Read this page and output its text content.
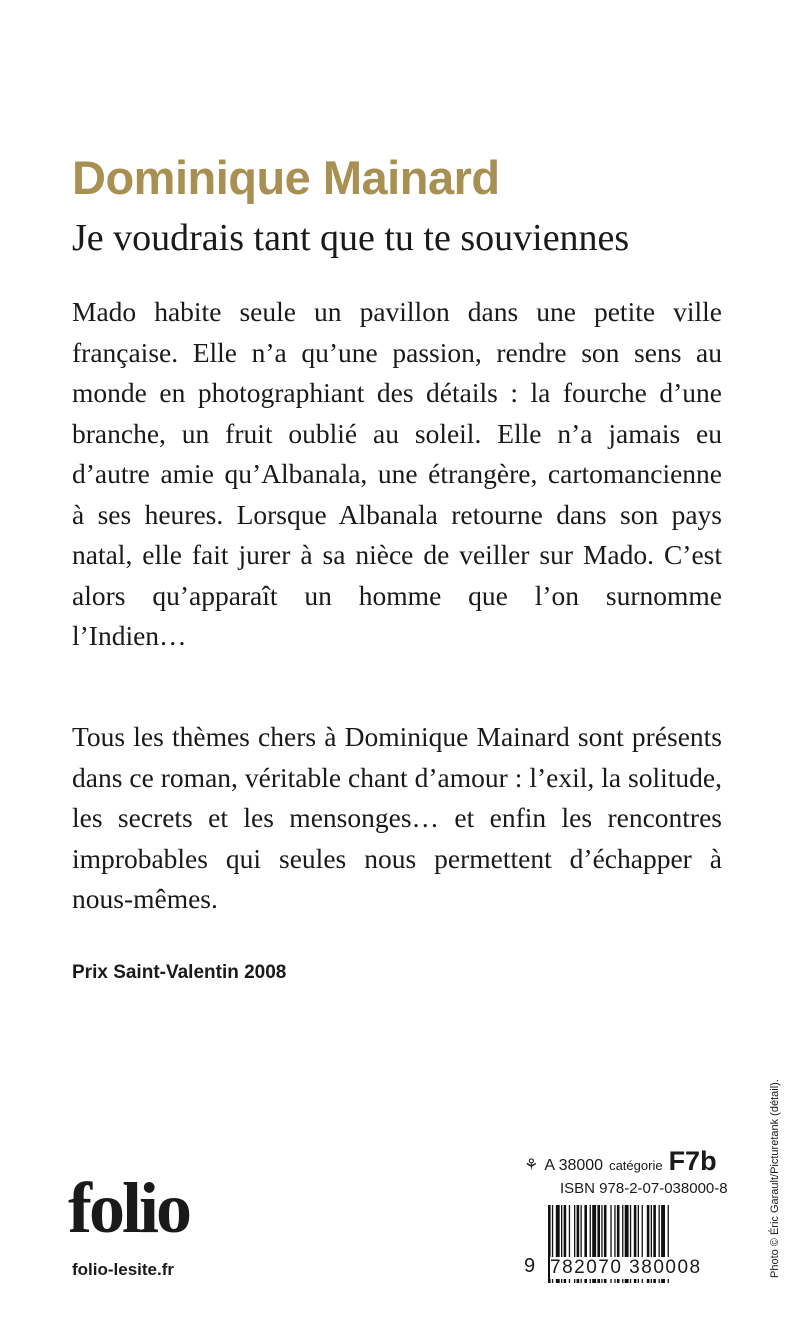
Dominique Mainard
Je voudrais tant que tu te souviennes

Mado habite seule un pavillon dans une petite ville française. Elle n’a qu’une passion, rendre son sens au monde en photographiant des détails : la fourche d’une branche, un fruit oublié au soleil. Elle n’a jamais eu d’autre amie qu’Albanala, une étrangère, cartomancienne à ses heures. Lorsque Albanala retourne dans son pays natal, elle fait jurer à sa nièce de veiller sur Mado. C’est alors qu’apparaît un homme que l’on surnomme l’Indien…

Tous les thèmes chers à Dominique Mainard sont présents dans ce roman, véritable chant d’amour : l’exil, la solitude, les secrets et les mensonges… et enfin les rencontres improbables qui seules nous permettent d’échapper à nous-mêmes.

Prix Saint-Valentin 2008

folio

folio-lesite.fr

⚘ A 38000 catégorie F7b

ISBN 978-2-07-038000-8

9 782070 380008	Photo © Éric Garault/Picturetank (détail).
